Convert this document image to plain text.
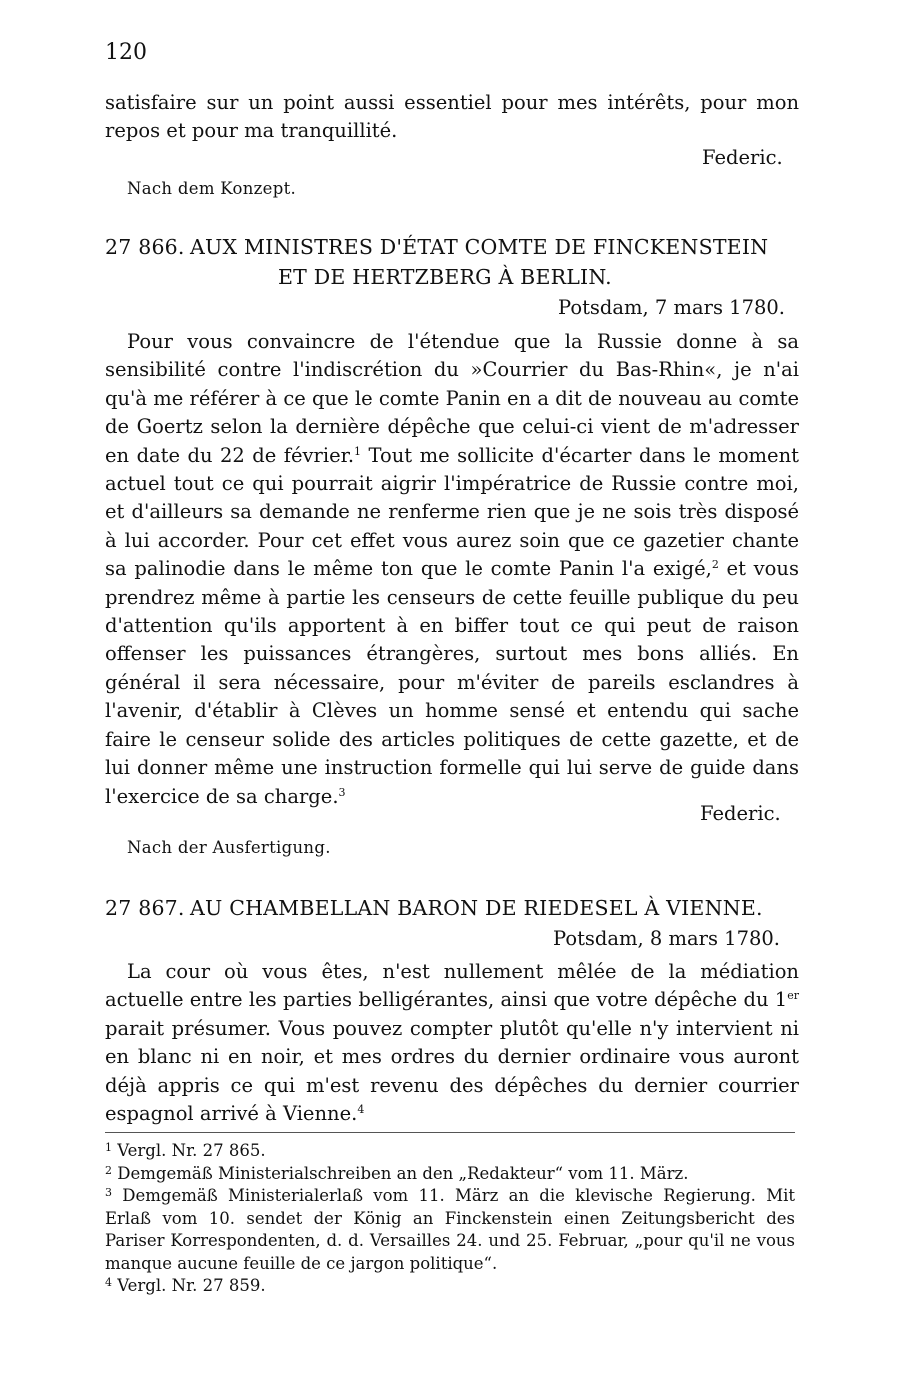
120
satisfaire sur un point aussi essentiel pour mes intérêts, pour mon repos et pour ma tranquillité.
Federic.
Nach dem Konzept.
27 866. AUX MINISTRES D'ÉTAT COMTE DE FINCKENSTEIN
ET DE HERTZBERG À BERLIN.
Potsdam, 7 mars 1780.

Pour vous convaincre de l'étendue que la Russie donne à sa sensibilité contre l'indiscrétion du »Courrier du Bas-Rhin«, je n'ai qu'à me référer à ce que le comte Panin en a dit de nouveau au comte de Goertz selon la dernière dépêche que celui-ci vient de m'adresser en date du 22 de février.$^1$ Tout me sollicite d'écarter dans le moment actuel tout ce qui pourrait aigrir l'impératrice de Russie contre moi, et d'ailleurs sa demande ne renferme rien que je ne sois très disposé à lui accorder. Pour cet effet vous aurez soin que ce gazetier chante sa palinodie dans le même ton que le comte Panin l'a exigé,$^2$ et vous prendrez même à partie les censeurs de cette feuille publique du peu d'attention qu'ils apportent à en biffer tout ce qui peut de raison offenser les puissances étrangères, surtout mes bons alliés. En général il sera nécessaire, pour m'éviter de pareils esclandres à l'avenir, d'établir à Clèves un homme sensé et entendu qui sache faire le censeur solide des articles politiques de cette gazette, et de lui donner même une instruction formelle qui lui serve de guide dans l'exercice de sa charge.$^3$

Federic.
Nach der Ausfertigung.
27 867. AU CHAMBELLAN BARON DE RIEDESEL À VIENNE.
Potsdam, 8 mars 1780.

La cour où vous êtes, n'est nullement mêlée de la médiation actuelle entre les parties belligérantes, ainsi que votre dépêche du 1er parait présumer. Vous pouvez compter plutôt qu'elle n'y intervient ni en blanc ni en noir, et mes ordres du dernier ordinaire vous auront déjà appris ce qui m'est revenu des dépêches du dernier courrier espagnol arrivé à Vienne.$^4$

$^1$ Vergl. Nr. 27 865.

$^2$ Demgemäß Ministerialschreiben an den „Redakteur“ vom 11. März.

$^3$ Demgemäß Ministerialerlaß vom 11. März an die klevische Regierung. Mit Erlaß vom 10. sendet der König an Finckenstein einen Zeitungsbericht des Pariser Korrespondenten, d. d. Versailles 24. und 25. Februar, „pour qu'il ne vous manque aucune feuille de ce jargon politique“.

$^4$ Vergl. Nr. 27 859.
